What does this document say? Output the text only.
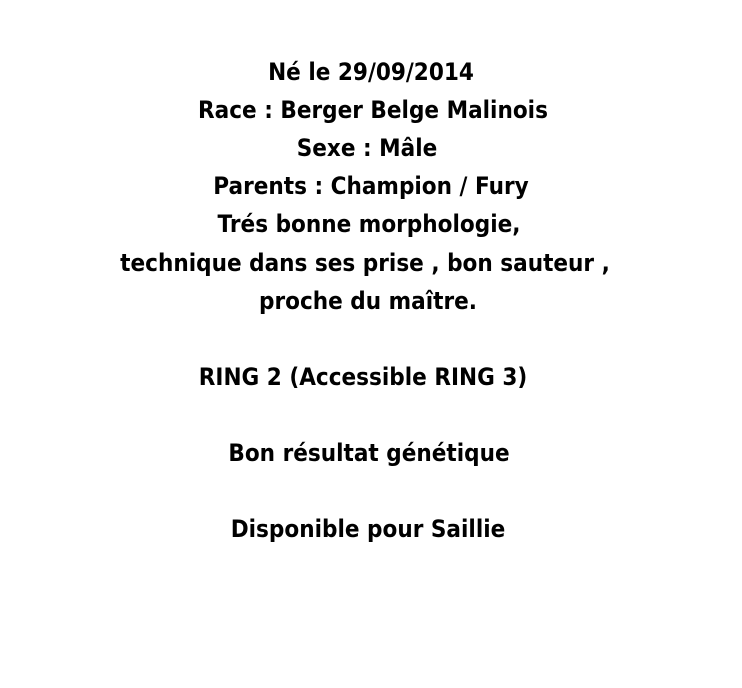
Né le 29/09/2014
Race : Berger Belge Malinois
Sexe : Mâle
Parents : Champion / Fury
Trés bonne morphologie,
technique dans ses prise , bon sauteur ,
proche du maître.
RING 2 (Accessible RING 3)
Bon résultat génétique
Disponible pour Saillie
